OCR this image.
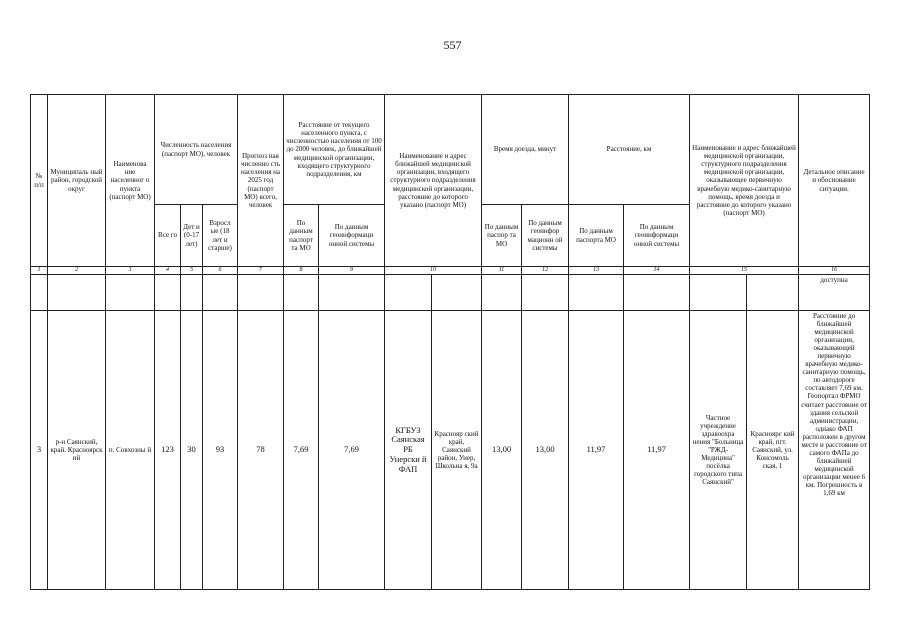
557
№ п/п	Муниципаль ный район, городской округ	Наименова ние населенног о пункта (паспорт МО)	Численность населения (паспорт МО), человек			Прогноз ная численно сть населения на 2025 год (паспорт МО) всего, человек	Расстояние от текущего населенного пункта, с численностью населения от 100 до 2000 человек, до ближайшей медицинской организации, входящего структурного подразделения, км		Наименование и адрес ближайшей медицинской организации, входящего структурного подразделения медицинской организации, расстояние до которого указано (паспорт МО)		Время доезда, минут		Расстояние, км		Наименование и адрес ближайшей медицинской организации, структурного подразделения медицинской организации, оказывающее первичную врачебную медико-санитарную помощь, время доезда и расстояние до которого указано (паспорт МО)		Детальное описание и обоснование ситуации.
			Все го	Дет и (0-17 лет)	Взросл ые (18 лет и старше)		По данным паспорт та МО	По данным геоинформаци онной системы			По данным паспор та МО	По данным геоинфор мационн ой системы	По данным паспорта МО	По данным геоинформаци онной системы			
1	2	3	4	5	6	7	8	9	10		11	12	13	14	15		16
																	доступна
3	р-н Саянский, край. Красноярск ий	п. Совхозны й	123	30	93	78	7,69	7,69	КГБУЗ Саянская РБ Унерски й ФАП	Краснояр ский край, Саянский район, Унер, Школьна я, 9а	13,00	13,00	11,97	11,97	Частное учреждение здравоохра нения "Больница "РЖД-Медицина" посёлка городского типа Саянский"	Красноярс кий край, пгт. Саянский, ул. Консомоль ская, 1	Расстояние до ближайшей медицинской организации, оказывающей первичную врачебную медико-санитарную помощь, по автодороге составляет 7,69 км. Геопортал ФРМО считает расстояние от здания сельской администрации, однако ФАП расположен в другом месте и расстояние от самого ФАПа до ближайшей медицинской организации менее 6 км. Погрешность в 1,69 км
